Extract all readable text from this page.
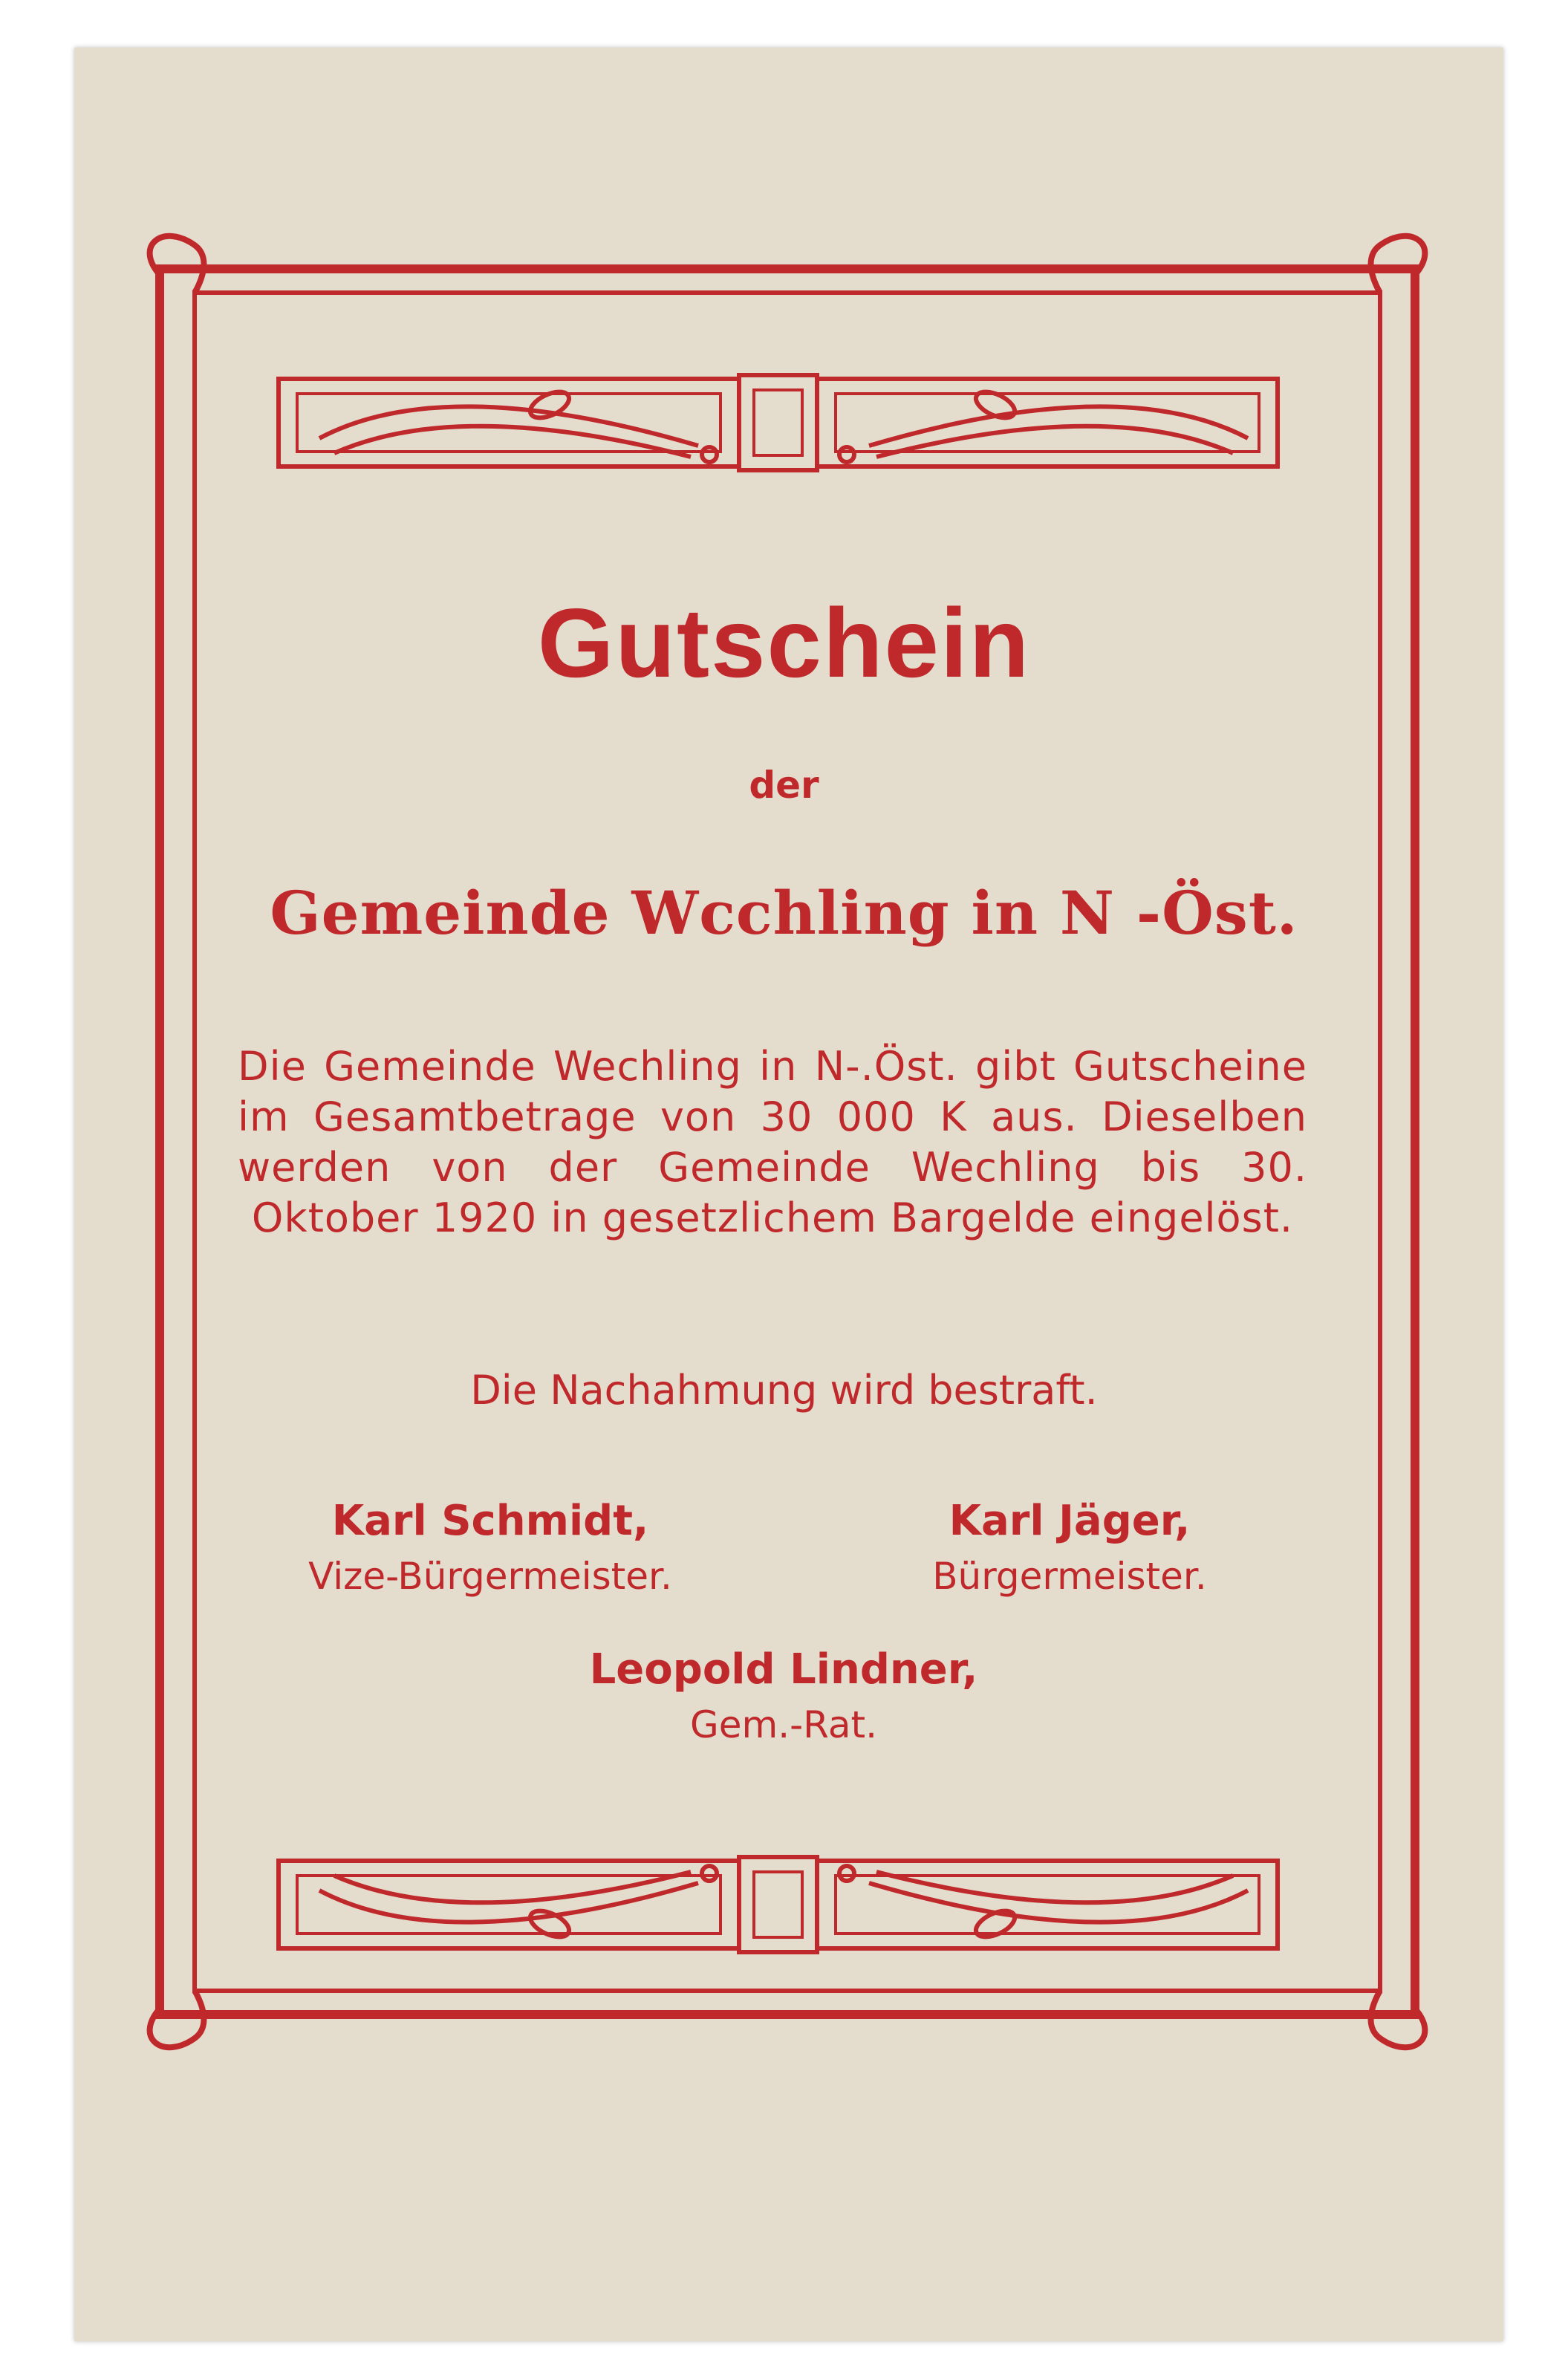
Gutschein

der

Gemeinde Wcchling in N -Öst.

Die Gemeinde Wechling in N-.Öst. gibt Gutscheine im Gesamtbetrage von 30 000 K aus. Dieselben werden von der Gemeinde Wechling bis 30. Oktober 1920 in gesetzlichem Bargelde eingelöst.

Die Nachahmung wird bestraft.

Karl Schmidt,
Vize-Bürgermeister.
Karl Jäger,
Bürgermeister.
Leopold Lindner,
Gem.-Rat.
